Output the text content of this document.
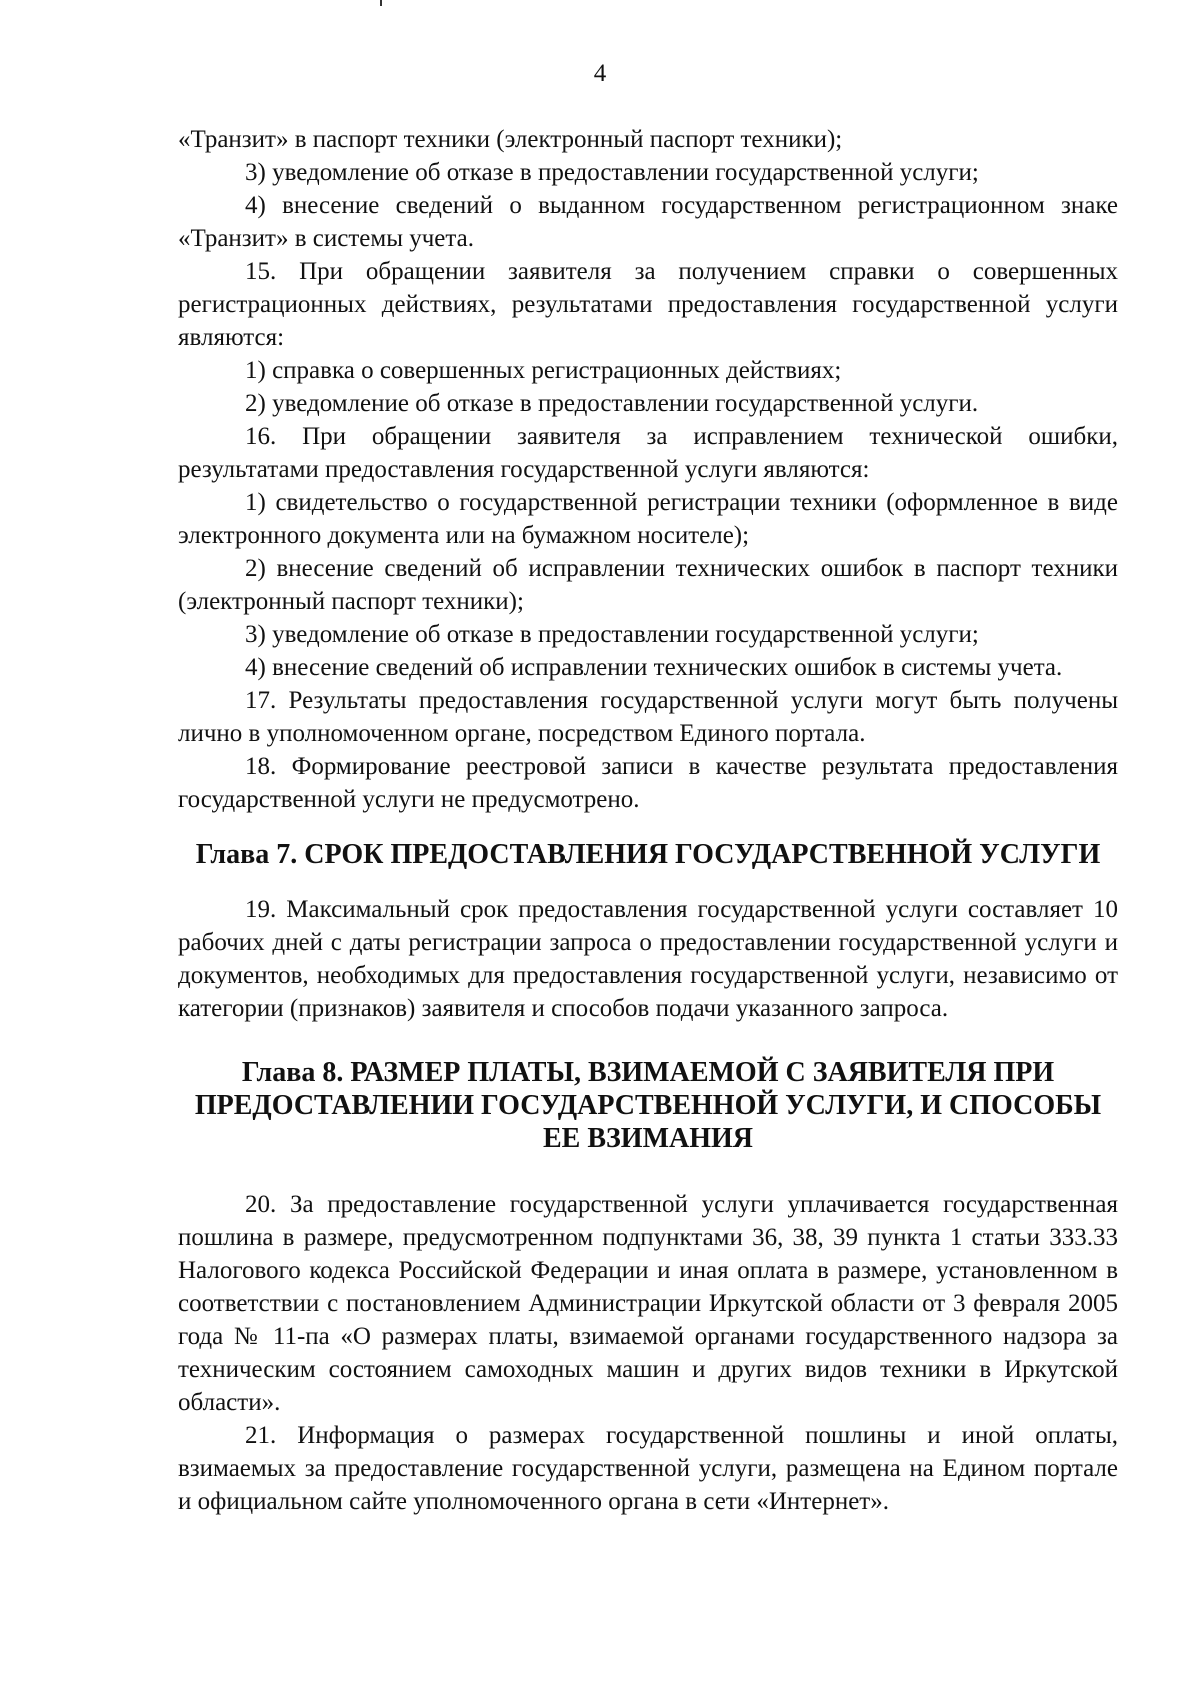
4

«Транзит» в паспорт техники (электронный паспорт техники);

3) уведомление об отказе в предоставлении государственной услуги;

4) внесение сведений о выданном государственном регистрационном знаке «Транзит» в системы учета.

15. При обращении заявителя за получением справки о совершенных регистрационных действиях, результатами предоставления государственной услуги являются:

1) справка о совершенных регистрационных действиях;

2) уведомление об отказе в предоставлении государственной услуги.

16. При обращении заявителя за исправлением технической ошибки, результатами предоставления государственной услуги являются:

1) свидетельство о государственной регистрации техники (оформленное в виде электронного документа или на бумажном носителе);

2) внесение сведений об исправлении технических ошибок в паспорт техники (электронный паспорт техники);

3) уведомление об отказе в предоставлении государственной услуги;

4) внесение сведений об исправлении технических ошибок в системы учета.

17. Результаты предоставления государственной услуги могут быть получены лично в уполномоченном органе, посредством Единого портала.

18. Формирование реестровой записи в качестве результата предоставления государственной услуги не предусмотрено.

Глава 7. СРОК ПРЕДОСТАВЛЕНИЯ ГОСУДАРСТВЕННОЙ УСЛУГИ

19. Максимальный срок предоставления государственной услуги составляет 10 рабочих дней с даты регистрации запроса о предоставлении государственной услуги и документов, необходимых для предоставления государственной услуги, независимо от категории (признаков) заявителя и способов подачи указанного запроса.

Глава 8. РАЗМЕР ПЛАТЫ, ВЗИМАЕМОЙ С ЗАЯВИТЕЛЯ ПРИ ПРЕДОСТАВЛЕНИИ ГОСУДАРСТВЕННОЙ УСЛУГИ, И СПОСОБЫ ЕЕ ВЗИМАНИЯ

20. За предоставление государственной услуги уплачивается государственная пошлина в размере, предусмотренном подпунктами 36, 38, 39 пункта 1 статьи 333.33 Налогового кодекса Российской Федерации и иная оплата в размере, установленном в соответствии с постановлением Администрации Иркутской области от 3 февраля 2005 года № 11-па «О размерах платы, взимаемой органами государственного надзора за техническим состоянием самоходных машин и других видов техники в Иркутской области».

21. Информация о размерах государственной пошлины и иной оплаты, взимаемых за предоставление государственной услуги, размещена на Едином портале и официальном сайте уполномоченного органа в сети «Интернет».
